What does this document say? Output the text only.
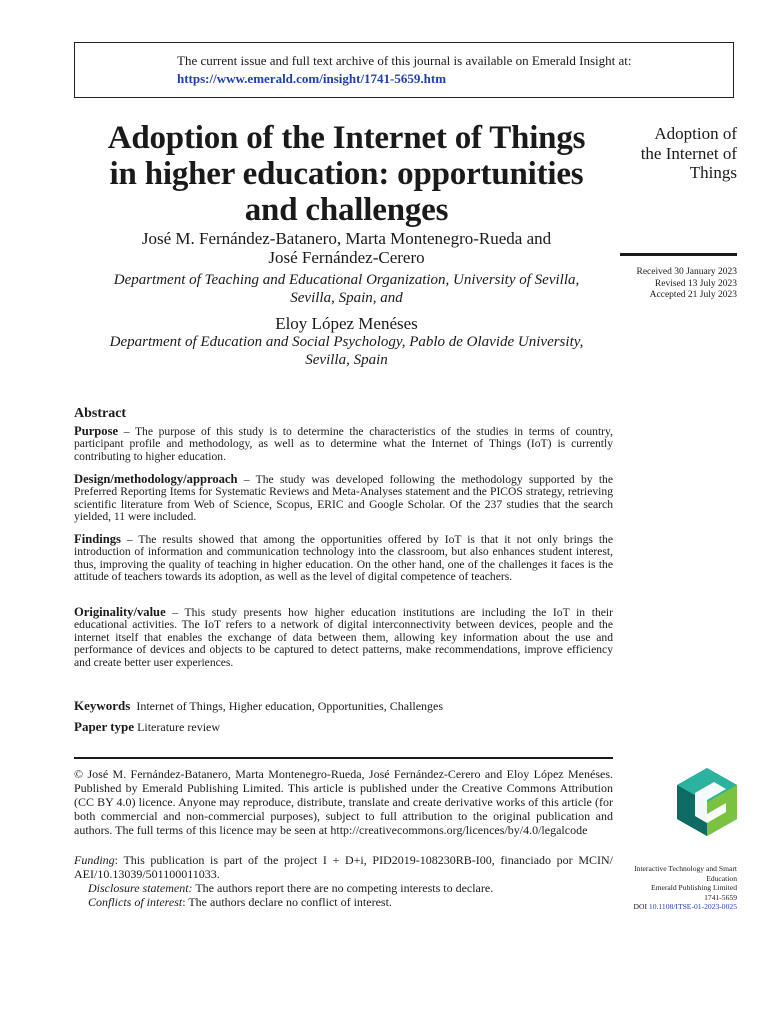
The current issue and full text archive of this journal is available on Emerald Insight at:
https://www.emerald.com/insight/1741-5659.htm
Adoption of the Internet of Things
in higher education: opportunities
and challenges
Adoption of
the Internet of
Things
Received 30 January 2023
Revised 13 July 2023
Accepted 21 July 2023
José M. Fernández-Batanero, Marta Montenegro-Rueda and
José Fernández-Cerero
Department of Teaching and Educational Organization, University of Sevilla,
Sevilla, Spain, and
Eloy López Menéses
Department of Education and Social Psychology, Pablo de Olavide University,
Sevilla, Spain
Abstract
Purpose – The purpose of this study is to determine the characteristics of the studies in terms of country, participant profile and methodology, as well as to determine what the Internet of Things (IoT) is currently contributing to higher education.
Design/methodology/approach – The study was developed following the methodology supported by the Preferred Reporting Items for Systematic Reviews and Meta-Analyses statement and the PICOS strategy, retrieving scientific literature from Web of Science, Scopus, ERIC and Google Scholar. Of the 237 studies that the search yielded, 11 were included.
Findings – The results showed that among the opportunities offered by IoT is that it not only brings the introduction of information and communication technology into the classroom, but also enhances student interest, thus, improving the quality of teaching in higher education. On the other hand, one of the challenges it faces is the attitude of teachers towards its adoption, as well as the level of digital competence of teachers.
Originality/value – This study presents how higher education institutions are including the IoT in their educational activities. The IoT refers to a network of digital interconnectivity between devices, people and the internet itself that enables the exchange of data between them, allowing key information about the use and performance of devices and objects to be captured to detect patterns, make recommendations, improve efficiency and create better user experiences.
Keywords Internet of Things, Higher education, Opportunities, Challenges
Paper type Literature review
© José M. Fernández-Batanero, Marta Montenegro-Rueda, José Fernández-Cerero and Eloy López Menéses. Published by Emerald Publishing Limited. This article is published under the Creative Commons Attribution (CC BY 4.0) licence. Anyone may reproduce, distribute, translate and create derivative works of this article (for both commercial and non-commercial purposes), subject to full attribution to the original publication and authors. The full terms of this licence may be seen at http://creativecommons.org/licences/by/4.0/legalcode
Funding: This publication is part of the project I + D+i, PID2019-108230RB-I00, financiado por MCIN/ AEI/10.13039/501100011033.
Disclosure statement: The authors report there are no competing interests to declare.
Conflicts of interest: The authors declare no conflict of interest.
Interactive Technology and Smart
Education
Emerald Publishing Limited
1741-5659
DOI 10.1108/ITSE-01-2023-0025
